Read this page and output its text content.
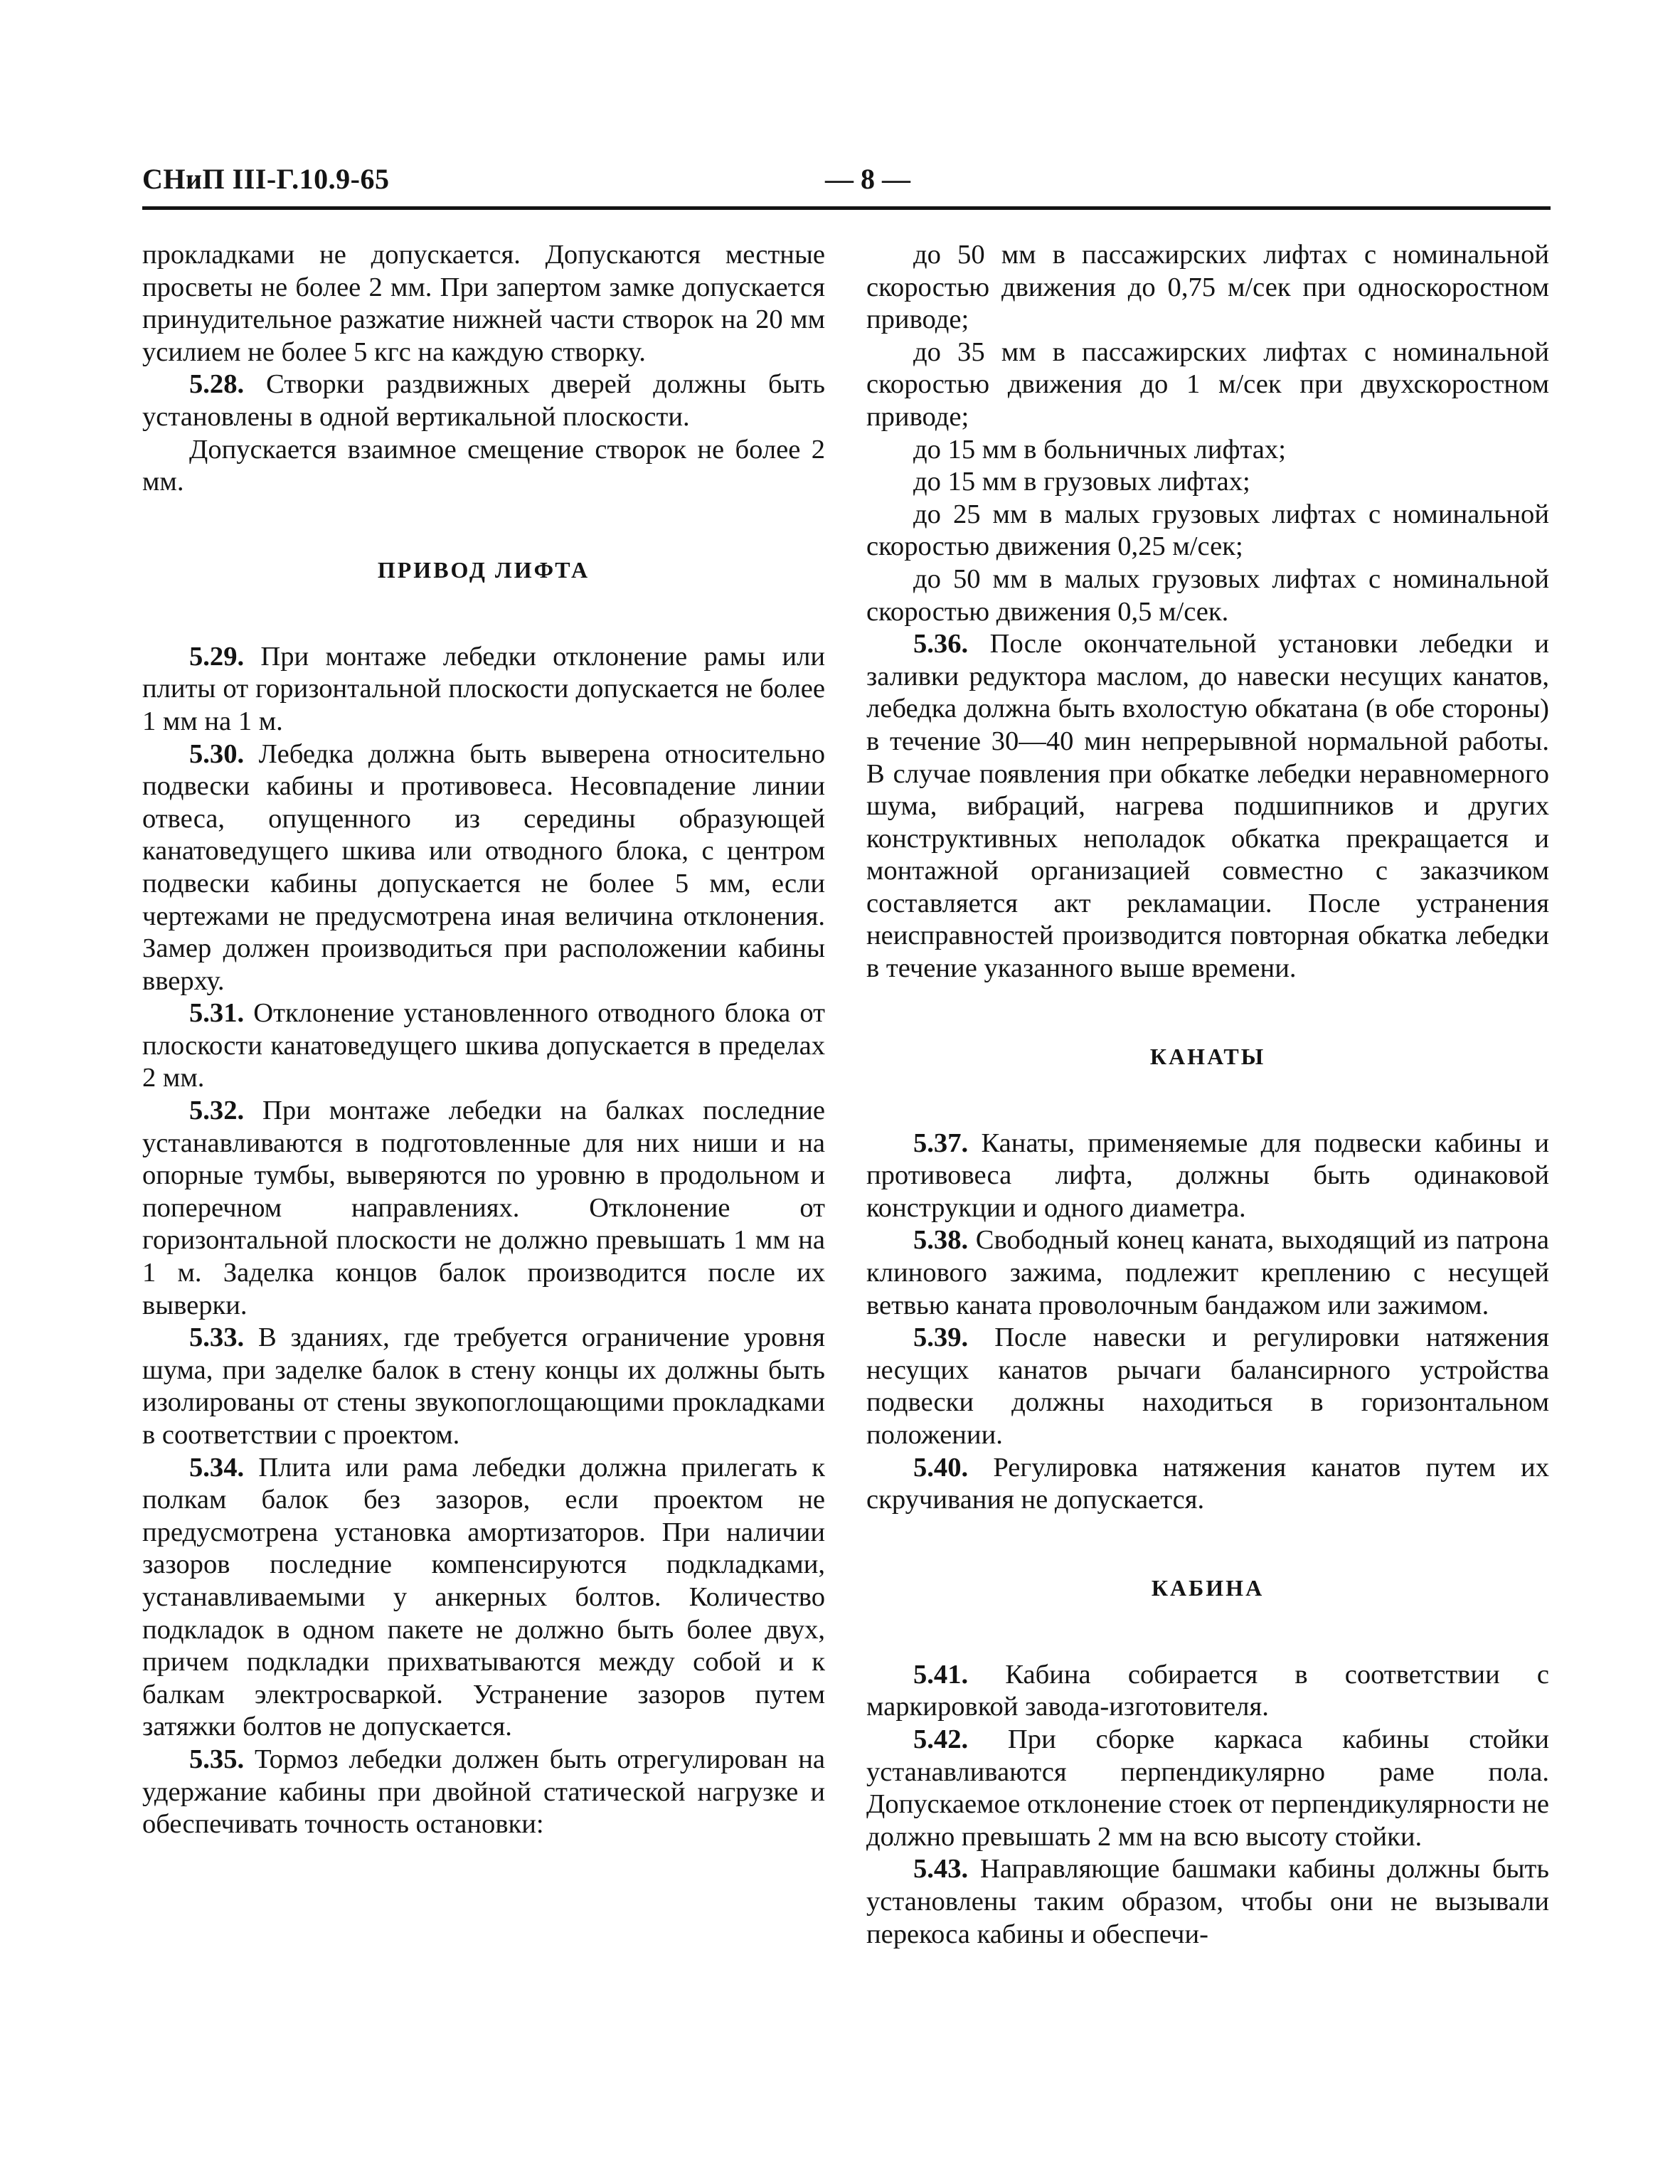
СНиП III-Г.10.9-65	— 8 —

прокладками не допускается. Допускаются местные просветы не более 2 мм. При запертом замке допускается принудительное разжатие нижней части створок на 20 мм усилием не более 5 кгс на каждую створку.

5.28. Створки раздвижных дверей должны быть установлены в одной вертикальной плоскости.

Допускается взаимное смещение створок не более 2 мм.

ПРИВОД ЛИФТА

5.29. При монтаже лебедки отклонение рамы или плиты от горизонтальной плоскости допускается не более 1 мм на 1 м.

5.30. Лебедка должна быть выверена относительно подвески кабины и противовеса. Несовпадение линии отвеса, опущенного из середины образующей канатоведущего шкива или отводного блока, с центром подвески кабины допускается не более 5 мм, если чертежами не предусмотрена иная величина отклонения. Замер должен производиться при расположении кабины вверху.

5.31. Отклонение установленного отводного блока от плоскости канатоведущего шкива допускается в пределах 2 мм.

5.32. При монтаже лебедки на балках последние устанавливаются в подготовленные для них ниши и на опорные тумбы, выверяются по уровню в продольном и поперечном направлениях. Отклонение от горизонтальной плоскости не должно превышать 1 мм на 1 м. Заделка концов балок производится после их выверки.

5.33. В зданиях, где требуется ограничение уровня шума, при заделке балок в стену концы их должны быть изолированы от стены звукопоглощающими прокладками в соответствии с проектом.

5.34. Плита или рама лебедки должна прилегать к полкам балок без зазоров, если проектом не предусмотрена установка амортизаторов. При наличии зазоров последние компенсируются подкладками, устанавливаемыми у анкерных болтов. Количество подкладок в одном пакете не должно быть более двух, причем подкладки прихватываются между собой и к балкам электросваркой. Устранение зазоров путем затяжки болтов не допускается.

5.35. Тормоз лебедки должен быть отрегулирован на удержание кабины при двойной статической нагрузке и обеспечивать точность остановки:

до 50 мм в пассажирских лифтах с номинальной скоростью движения до 0,75 м/сек при односкоростном приводе;

до 35 мм в пассажирских лифтах с номинальной скоростью движения до 1 м/сек при двухскоростном приводе;

до 15 мм в больничных лифтах;

до 15 мм в грузовых лифтах;

до 25 мм в малых грузовых лифтах с номинальной скоростью движения 0,25 м/сек;

до 50 мм в малых грузовых лифтах с номинальной скоростью движения 0,5 м/сек.

5.36. После окончательной установки лебедки и заливки редуктора маслом, до навески несущих канатов, лебедка должна быть вхолостую обкатана (в обе стороны) в течение 30—40 мин непрерывной нормальной работы. В случае появления при обкатке лебедки неравномерного шума, вибраций, нагрева подшипников и других конструктивных неполадок обкатка прекращается и монтажной организацией совместно с заказчиком составляется акт рекламации. После устранения неисправностей производится повторная обкатка лебедки в течение указанного выше времени.

КАНАТЫ

5.37. Канаты, применяемые для подвески кабины и противовеса лифта, должны быть одинаковой конструкции и одного диаметра.

5.38. Свободный конец каната, выходящий из патрона клинового зажима, подлежит креплению с несущей ветвью каната проволочным бандажом или зажимом.

5.39. После навески и регулировки натяжения несущих канатов рычаги балансирного устройства подвески должны находиться в горизонтальном положении.

5.40. Регулировка натяжения канатов путем их скручивания не допускается.

КАБИНА

5.41. Кабина собирается в соответствии с маркировкой завода-изготовителя.

5.42. При сборке каркаса кабины стойки устанавливаются перпендикулярно раме пола. Допускаемое отклонение стоек от перпендикулярности не должно превышать 2 мм на всю высоту стойки.

5.43. Направляющие башмаки кабины должны быть установлены таким образом, чтобы они не вызывали перекоса кабины и обеспечи-
